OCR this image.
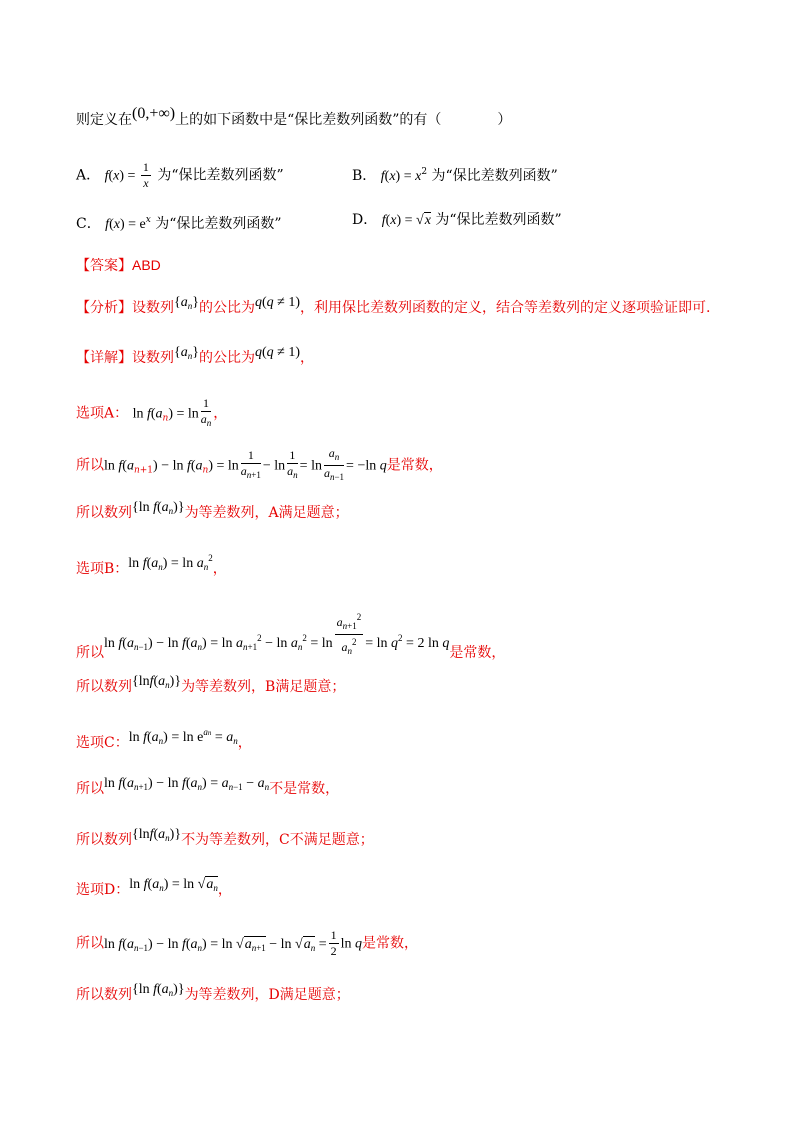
则定义在(0,+∞)上的如下函数中是“保比差数列函数”的有（　　　　）
A． $f(x) = \frac{1}{x}$ 为“保比差数列函数”	B． $f(x) = x^2$ 为“保比差数列函数”
C． $f(x) = e^x$ 为“保比差数列函数”	D． f(x) = √x 为“保比差数列函数”
【答案】ABD
【分析】设数列$\{a_n\}$的公比为q(q ≠ 1)，利用保比差数列函数的定义，结合等差数列的定义逐项验证即可.
【详解】设数列$\{a_n\}$的公比为q(q ≠ 1)，
选项A： $\ln f(a_n) = \ln \frac{1}{a_n}$ ，
所以$\ln f(a_{n+1}) - \ln f(a_n) = \ln \frac{1}{a_{n+1}} - \ln \frac{1}{a_n} = \ln \frac{a_n}{a_{n-1}} = -\ln$ q是常数，
所以数列{ln $f(a_n)$}为等差数列，A满足题意；
选项B：$\ln f(a_n) = \ln a_n^2$，
所以$\ln f(a_{n-1}) - \ln f(a_n) = \ln a_{n+1}^2 - \ln a_n^2 = \ln \frac{a_{n+1}^2}{a_n^2} = \ln q^2 = 2$ ln q是常数，
所以数列$\{\ln f(a_n)\}$为等差数列，B满足题意；
选项C：$\ln f(a_n) = \ln e^{an} = a_n$，
所以$\ln f(a_{n+1}) - \ln f(a_n) = a_{n-1} - a_n$不是常数，
所以数列$\{\ln f(a_n)\}$不为等差数列，C不满足题意；
选项D：$\ln f(a_n) = \ln √a_n$，
所以$\ln f(a_{n-1}) - \ln f(a_n) = \ln √a_{n+1} - \ln √a_n = \frac{1}{2}$ ln q是常数，
所以数列{ln $f(a_n)$}为等差数列，D满足题意；
